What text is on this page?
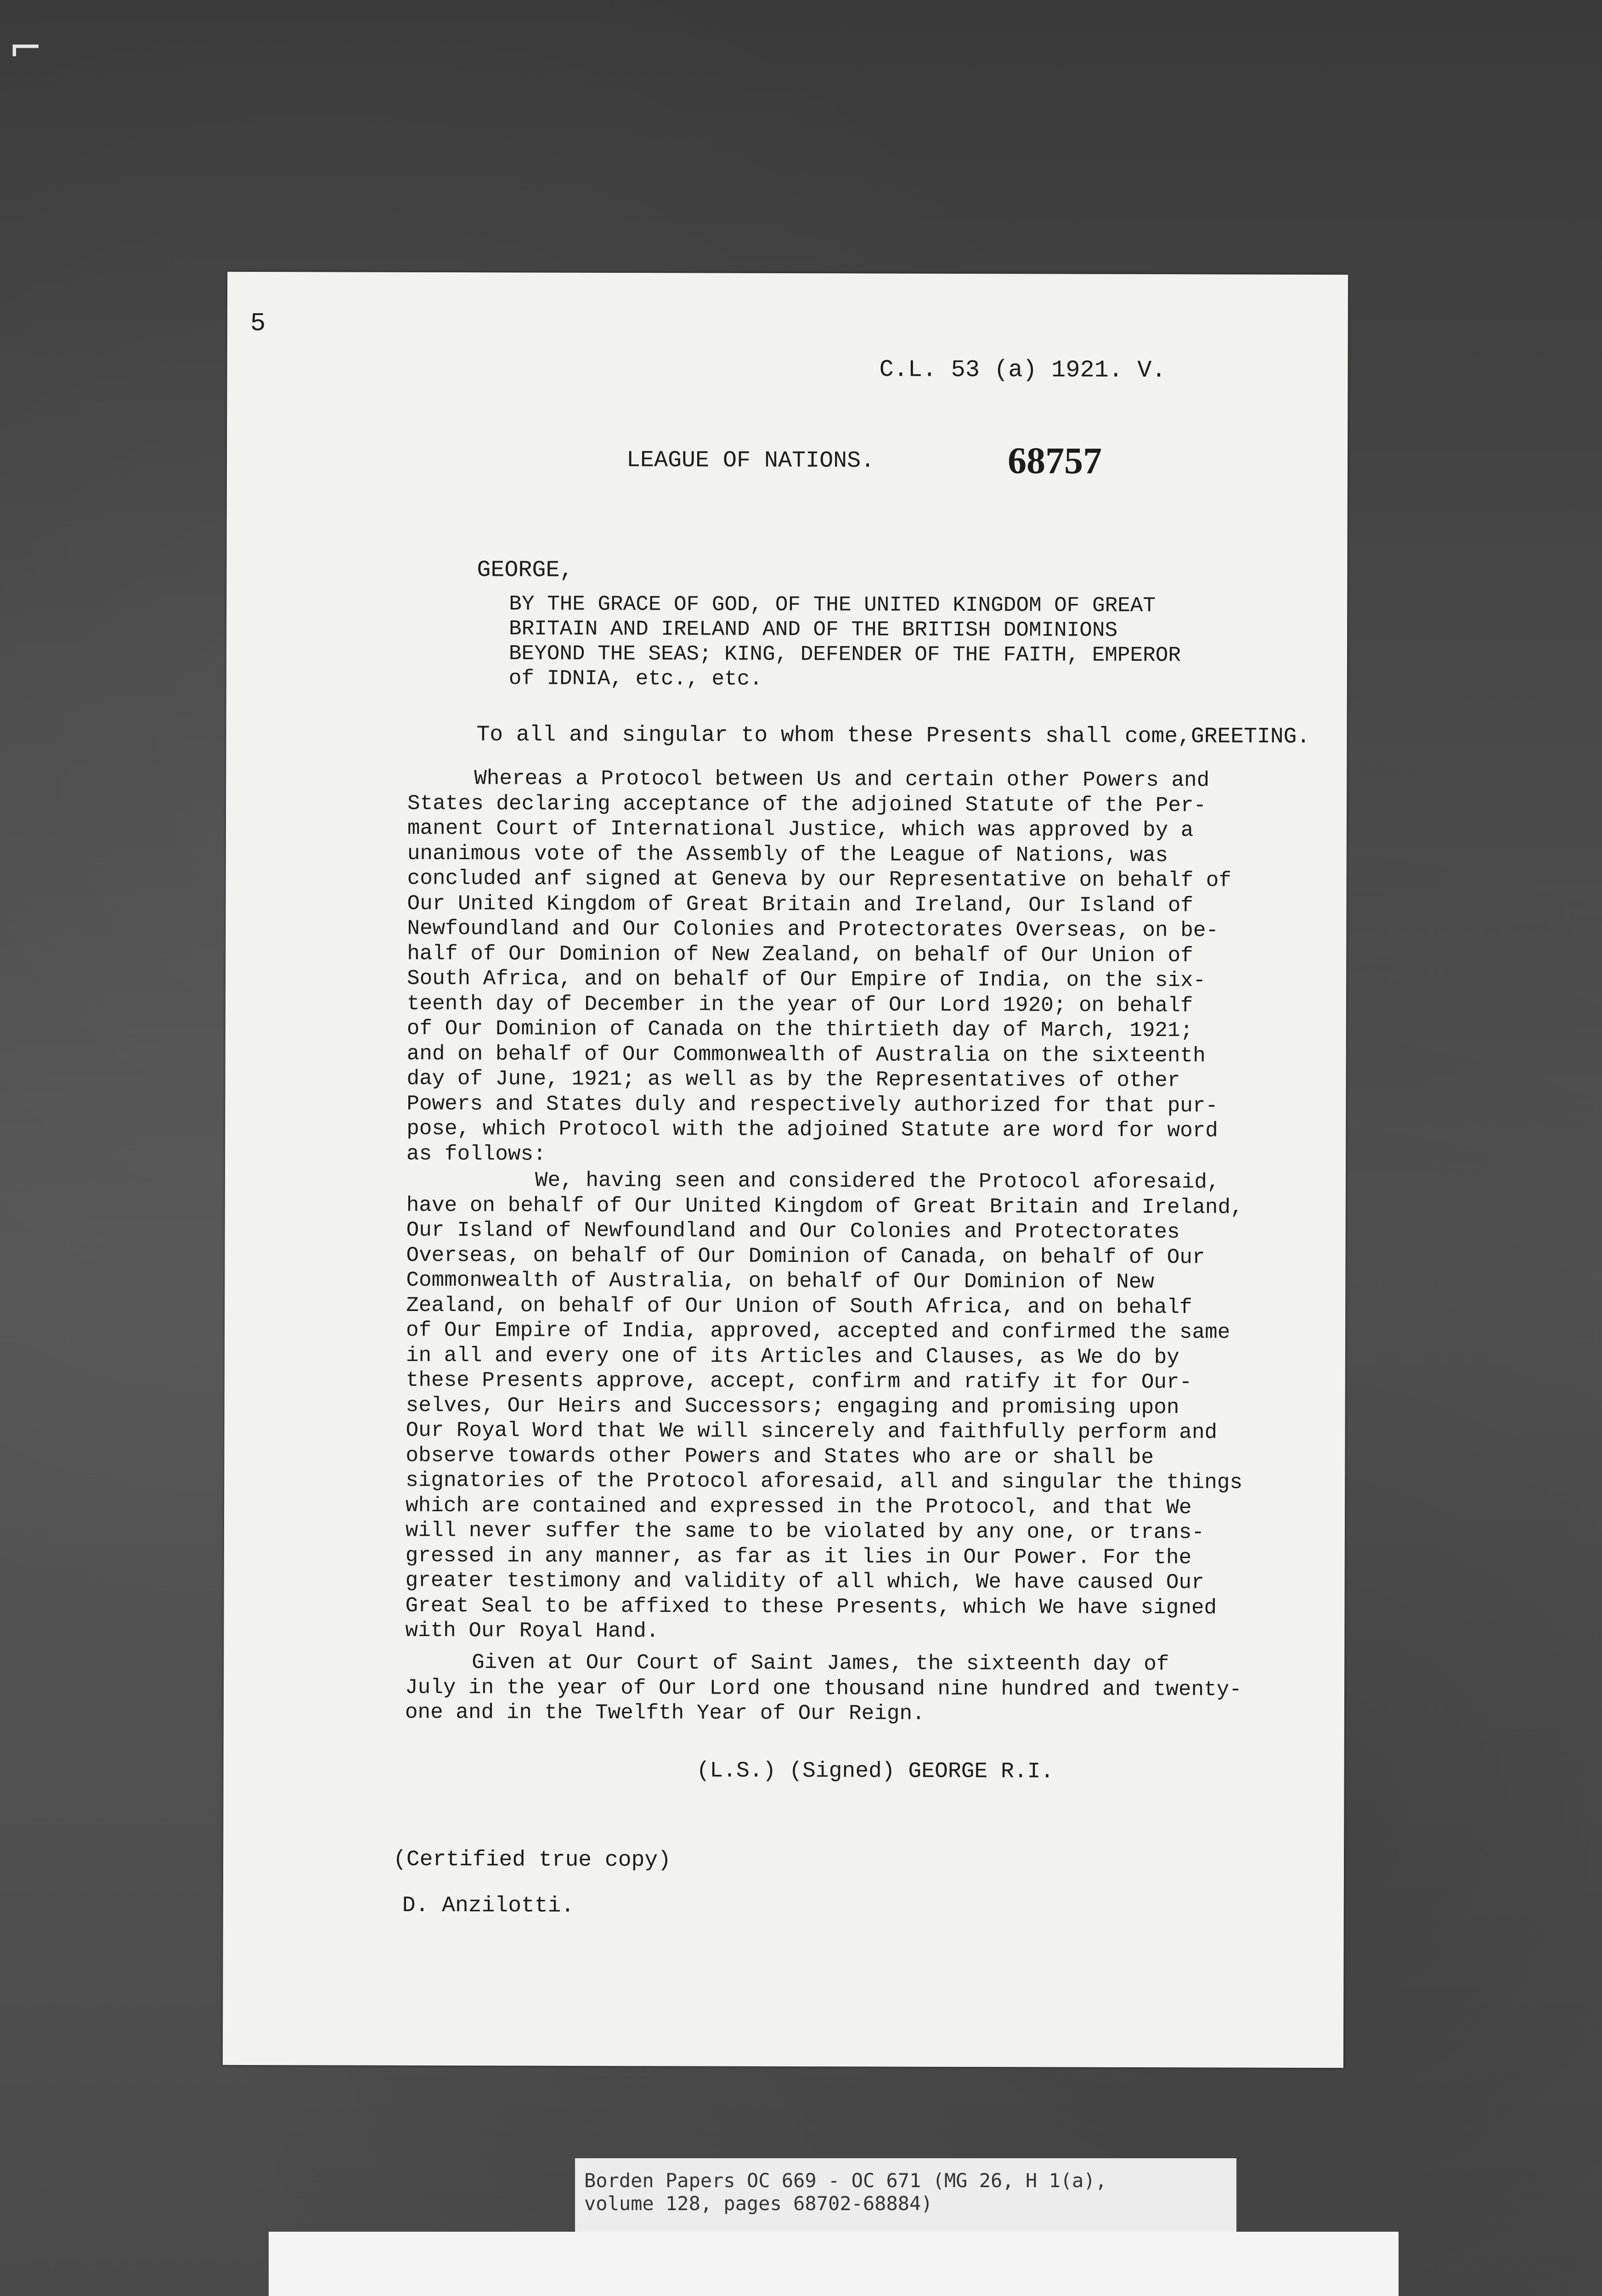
⌐
5
C.L. 53 (a) 1921. V.
LEAGUE OF NATIONS.	68757
GEORGE,
BY THE GRACE OF GOD, OF THE UNITED KINGDOM OF GREAT
BRITAIN AND IRELAND AND OF THE BRITISH DOMINIONS
BEYOND THE SEAS; KING, DEFENDER OF THE FAITH, EMPEROR
of IDNIA, etc., etc.
To all and singular to whom these Presents shall come,GREETING.
Whereas a Protocol between Us and certain other Powers and
States declaring acceptance of the adjoined Statute of the Per-
manent Court of International Justice, which was approved by a
unanimous vote of the Assembly of the League of Nations, was
concluded anf signed at Geneva by our Representative on behalf of
Our United Kingdom of Great Britain and Ireland, Our Island of
Newfoundland and Our Colonies and Protectorates Overseas, on be-
half of Our Dominion of New Zealand, on behalf of Our Union of
South Africa, and on behalf of Our Empire of India, on the six-
teenth day of December in the year of Our Lord 1920; on behalf
of Our Dominion of Canada on the thirtieth day of March, 1921;
and on behalf of Our Commonwealth of Australia on the sixteenth
day of June, 1921; as well as by the Representatives of other
Powers and States duly and respectively authorized for that pur-
pose, which Protocol with the adjoined Statute are word for word
as follows:
We, having seen and considered the Protocol aforesaid,
have on behalf of Our United Kingdom of Great Britain and Ireland,
Our Island of Newfoundland and Our Colonies and Protectorates
Overseas, on behalf of Our Dominion of Canada, on behalf of Our
Commonwealth of Australia, on behalf of Our Dominion of New
Zealand, on behalf of Our Union of South Africa, and on behalf
of Our Empire of India, approved, accepted and confirmed the same
in all and every one of its Articles and Clauses, as We do by
these Presents approve, accept, confirm and ratify it for Our-
selves, Our Heirs and Successors; engaging and promising upon
Our Royal Word that We will sincerely and faithfully perform and
observe towards other Powers and States who are or shall be
signatories of the Protocol aforesaid, all and singular the things
which are contained and expressed in the Protocol, and that We
will never suffer the same to be violated by any one, or trans-
gressed in any manner, as far as it lies in Our Power. For the
greater testimony and validity of all which, We have caused Our
Great Seal to be affixed to these Presents, which We have signed
with Our Royal Hand.
Given at Our Court of Saint James, the sixteenth day of
July in the year of Our Lord one thousand nine hundred and twenty-
one and in the Twelfth Year of Our Reign.
(L.S.) (Signed) GEORGE R.I.
(Certified true copy)
D. Anzilotti.
Borden Papers OC 669 - OC 671 (MG 26, H 1(a),
volume 128, pages 68702-68884)
